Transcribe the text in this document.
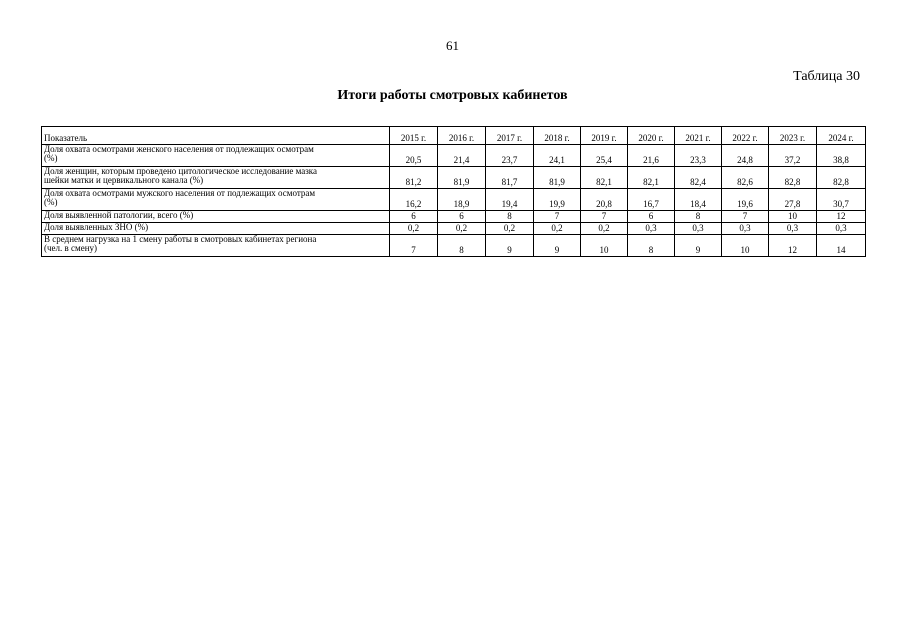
61
Таблица 30
Итоги работы смотровых кабинетов
Показатель	2015 г.	2016 г.	2017 г.	2018 г.	2019 г.	2020 г.	2021 г.	2022 г.	2023 г.	2024 г.

Доля охвата осмотрами женского населения от подлежащих осмотрам
(%)	20,5	21,4	23,7	24,1	25,4	21,6	23,3	24,8	37,2	38,8

Доля женщин, которым проведено цитологическое исследование мазка
шейки матки и цервикального канала (%)	81,2	81,9	81,7	81,9	82,1	82,1	82,4	82,6	82,8	82,8

Доля охвата осмотрами мужского населения от подлежащих осмотрам
(%)	16,2	18,9	19,4	19,9	20,8	16,7	18,4	19,6	27,8	30,7

Доля выявленной патологии, всего (%)	6	6	8	7	7	6	8	7	10	12

Доля выявленных ЗНО (%)	0,2	0,2	0,2	0,2	0,2	0,3	0,3	0,3	0,3	0,3

В среднем нагрузка на 1 смену работы в смотровых кабинетах региона
(чел. в смену)	7	8	9	9	10	8	9	10	12	14
